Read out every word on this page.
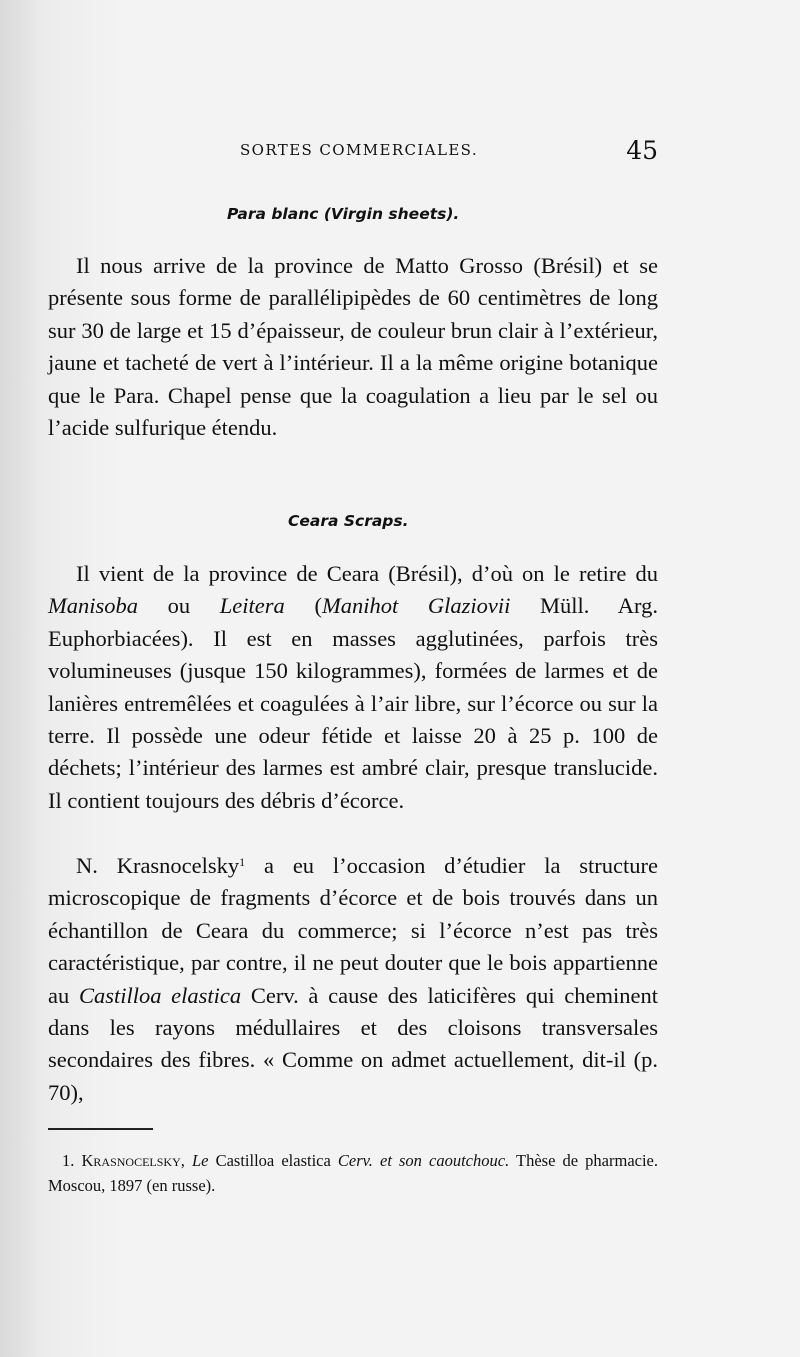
SORTES COMMERCIALES.	45
Para blanc (Virgin sheets).

Il nous arrive de la province de Matto Grosso (Brésil) et se présente sous forme de parallélipipèdes de 60 centimètres de long sur 30 de large et 15 d’épaisseur, de couleur brun clair à l’extérieur, jaune et tacheté de vert à l’intérieur. Il a la même origine botanique que le Para. Chapel pense que la coagulation a lieu par le sel ou l’acide sulfurique étendu.

Ceara Scraps.

Il vient de la province de Ceara (Brésil), d’où on le retire du Manisoba ou Leitera (Manihot Glaziovii Müll. Arg. Euphorbiacées). Il est en masses agglutinées, parfois très volumineuses (jusque 150 kilogrammes), formées de larmes et de lanières entremêlées et coagulées à l’air libre, sur l’écorce ou sur la terre. Il possède une odeur fétide et laisse 20 à 25 p. 100 de déchets; l’intérieur des larmes est ambré clair, presque translucide. Il contient toujours des débris d’écorce.

N. Krasnocelsky$^1$ a eu l’occasion d’étudier la structure microscopique de fragments d’écorce et de bois trouvés dans un échantillon de Ceara du commerce; si l’écorce n’est pas très caractéristique, par contre, il ne peut douter que le bois appartienne au Castilloa elastica Cerv. à cause des laticifères qui cheminent dans les rayons médullaires et des cloisons transversales secondaires des fibres. « Comme on admet actuellement, dit-il (p. 70),

1. Krasnocelsky, Le Castilloa elastica Cerv. et son caoutchouc. Thèse de pharmacie. Moscou, 1897 (en russe).
